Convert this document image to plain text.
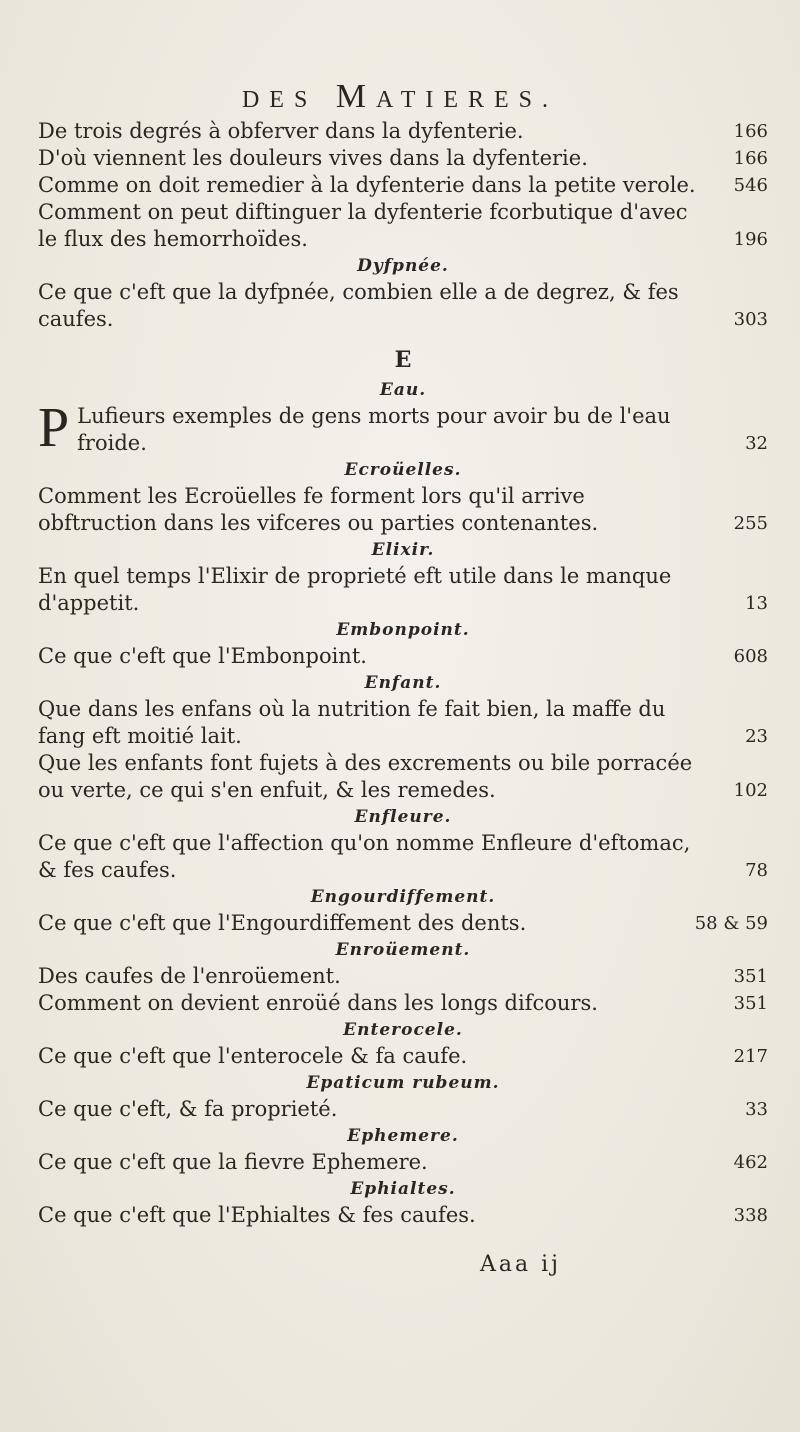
DES MATIERES.
De trois degrés à obferver dans la dyfenterie.	166
D'où viennent les douleurs vives dans la dyfenterie.	166
Comme on doit remedier à la dyfenterie dans la petite verole.	546
Comment on peut diftinguer la dyfenterie fcorbutique d'avec le flux des hemorrhoïdes.	196
Dyfpnée.
Ce que c'eft que la dyfpnée, combien elle a de degrez, & fes caufes.	303
E
Eau.
P Lufieurs exemples de gens morts pour avoir bu de l'eau froide.	32
Ecroüelles.
Comment les Ecroüelles fe forment lors qu'il arrive obftruction dans les vifceres ou parties contenantes.	255
Elixir.
En quel temps l'Elixir de proprieté eft utile dans le manque d'appetit.	13
Embonpoint.
Ce que c'eft que l'Embonpoint.	608
Enfant.
Que dans les enfans où la nutrition fe fait bien, la maffe du fang eft moitié lait.	23
Que les enfants font fujets à des excrements ou bile porracée ou verte, ce qui s'en enfuit, & les remedes.	102
Enfleure.
Ce que c'eft que l'affection qu'on nomme Enfleure d'eftomac, & fes caufes.	78
Engourdiffement.
Ce que c'eft que l'Engourdiffement des dents.	58 & 59
Enroüement.
Des caufes de l'enroüement.	351
Comment on devient enroüé dans les longs difcours.	351
Enterocele.
Ce que c'eft que l'enterocele & fa caufe.	217
Epaticum rubeum.
Ce que c'eft, & fa proprieté.	33
Ephemere.
Ce que c'eft que la fievre Ephemere.	462
Ephialtes.
Ce que c'eft que l'Ephialtes & fes caufes.	338
Aaa ij
